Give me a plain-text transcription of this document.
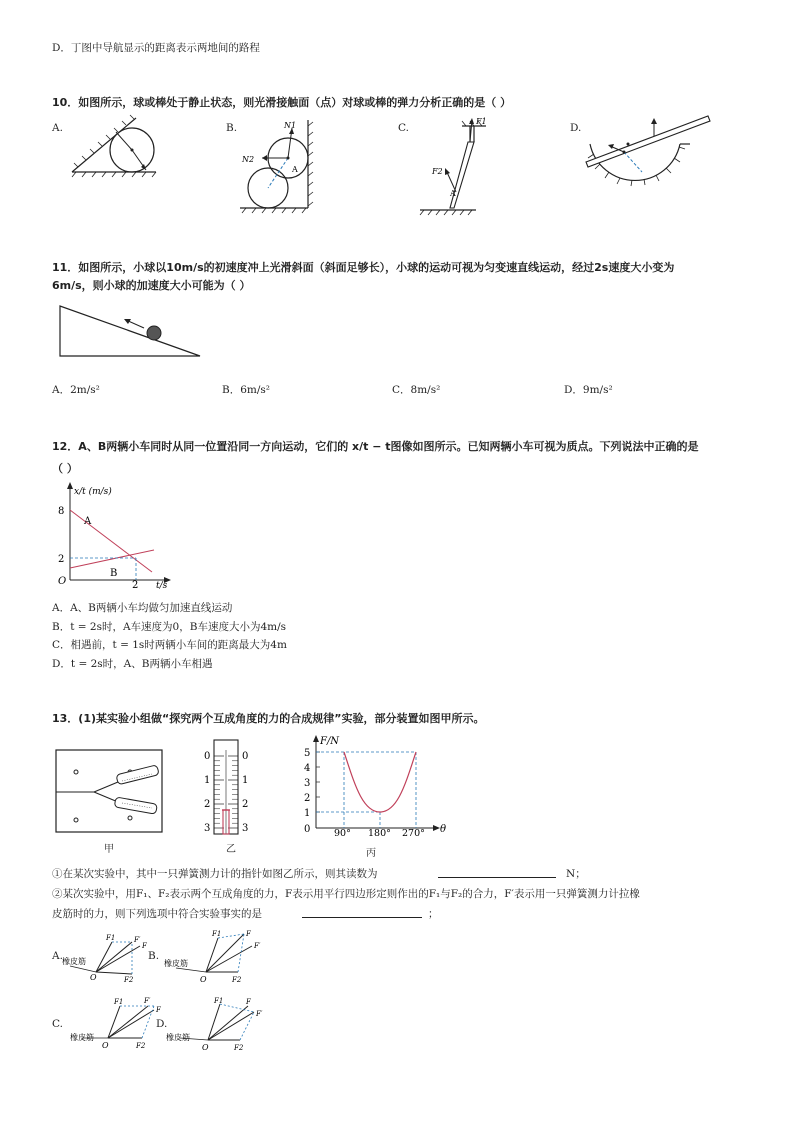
D．丁图中导航显示的距离表示两地间的路程
10．如图所示，球或棒处于静止状态，则光滑接触面（点）对球或棒的弹力分析正确的是（ ）
A.	B.	C.	D.
N1
N2
A
F1
F2
A
11．如图所示，小球以10m/s的初速度冲上光滑斜面（斜面足够长），小球的运动可视为匀变速直线运动，经过2s速度大小变为
6m/s，则小球的加速度大小可能为（ ）
A．2m/s²	B．6m/s²	C．8m/s²	D．9m/s²
12．A、B两辆小车同时从同一位置沿同一方向运动，它们的 x/t − t图像如图所示。已知两辆小车可视为质点。下列说法中正确的是
（ ）
x/t (m/s)
8
2
O	2 t/s
A
B
A．A、B两辆小车均做匀加速直线运动
B．t = 2s时，A车速度为0，B车速度大小为4m/s
C．相遇前，t = 1s时两辆小车间的距离最大为4m
D．t = 2s时，A、B两辆小车相遇
13．(1)某实验小组做“探究两个互成角度的力的合成规律”实验，部分装置如图甲所示。
甲
0	0
1	1
2	2
3	3
乙
F/N
5
4
3
2
1
0 90° 180° 270° θ
丙
①在某次实验中，其中一只弹簧测力计的指针如图乙所示，则其读数为	N；
②某次实验中，用F₁、F₂表示两个互成角度的力，F表示用平行四边形定则作出的F₁与F₂的合力，F′表示用一只弹簧测力计拉橡
皮筋时的力，则下列选项中符合实验事实的是	；
A. 橡皮筋
F1
F2
F′
F
O
B.
橡皮筋
F1
F2
F
F′
O
C.
橡皮筋
F1
F2
F′
F
O
D.
橡皮筋
F1
F2
F
F′
O
